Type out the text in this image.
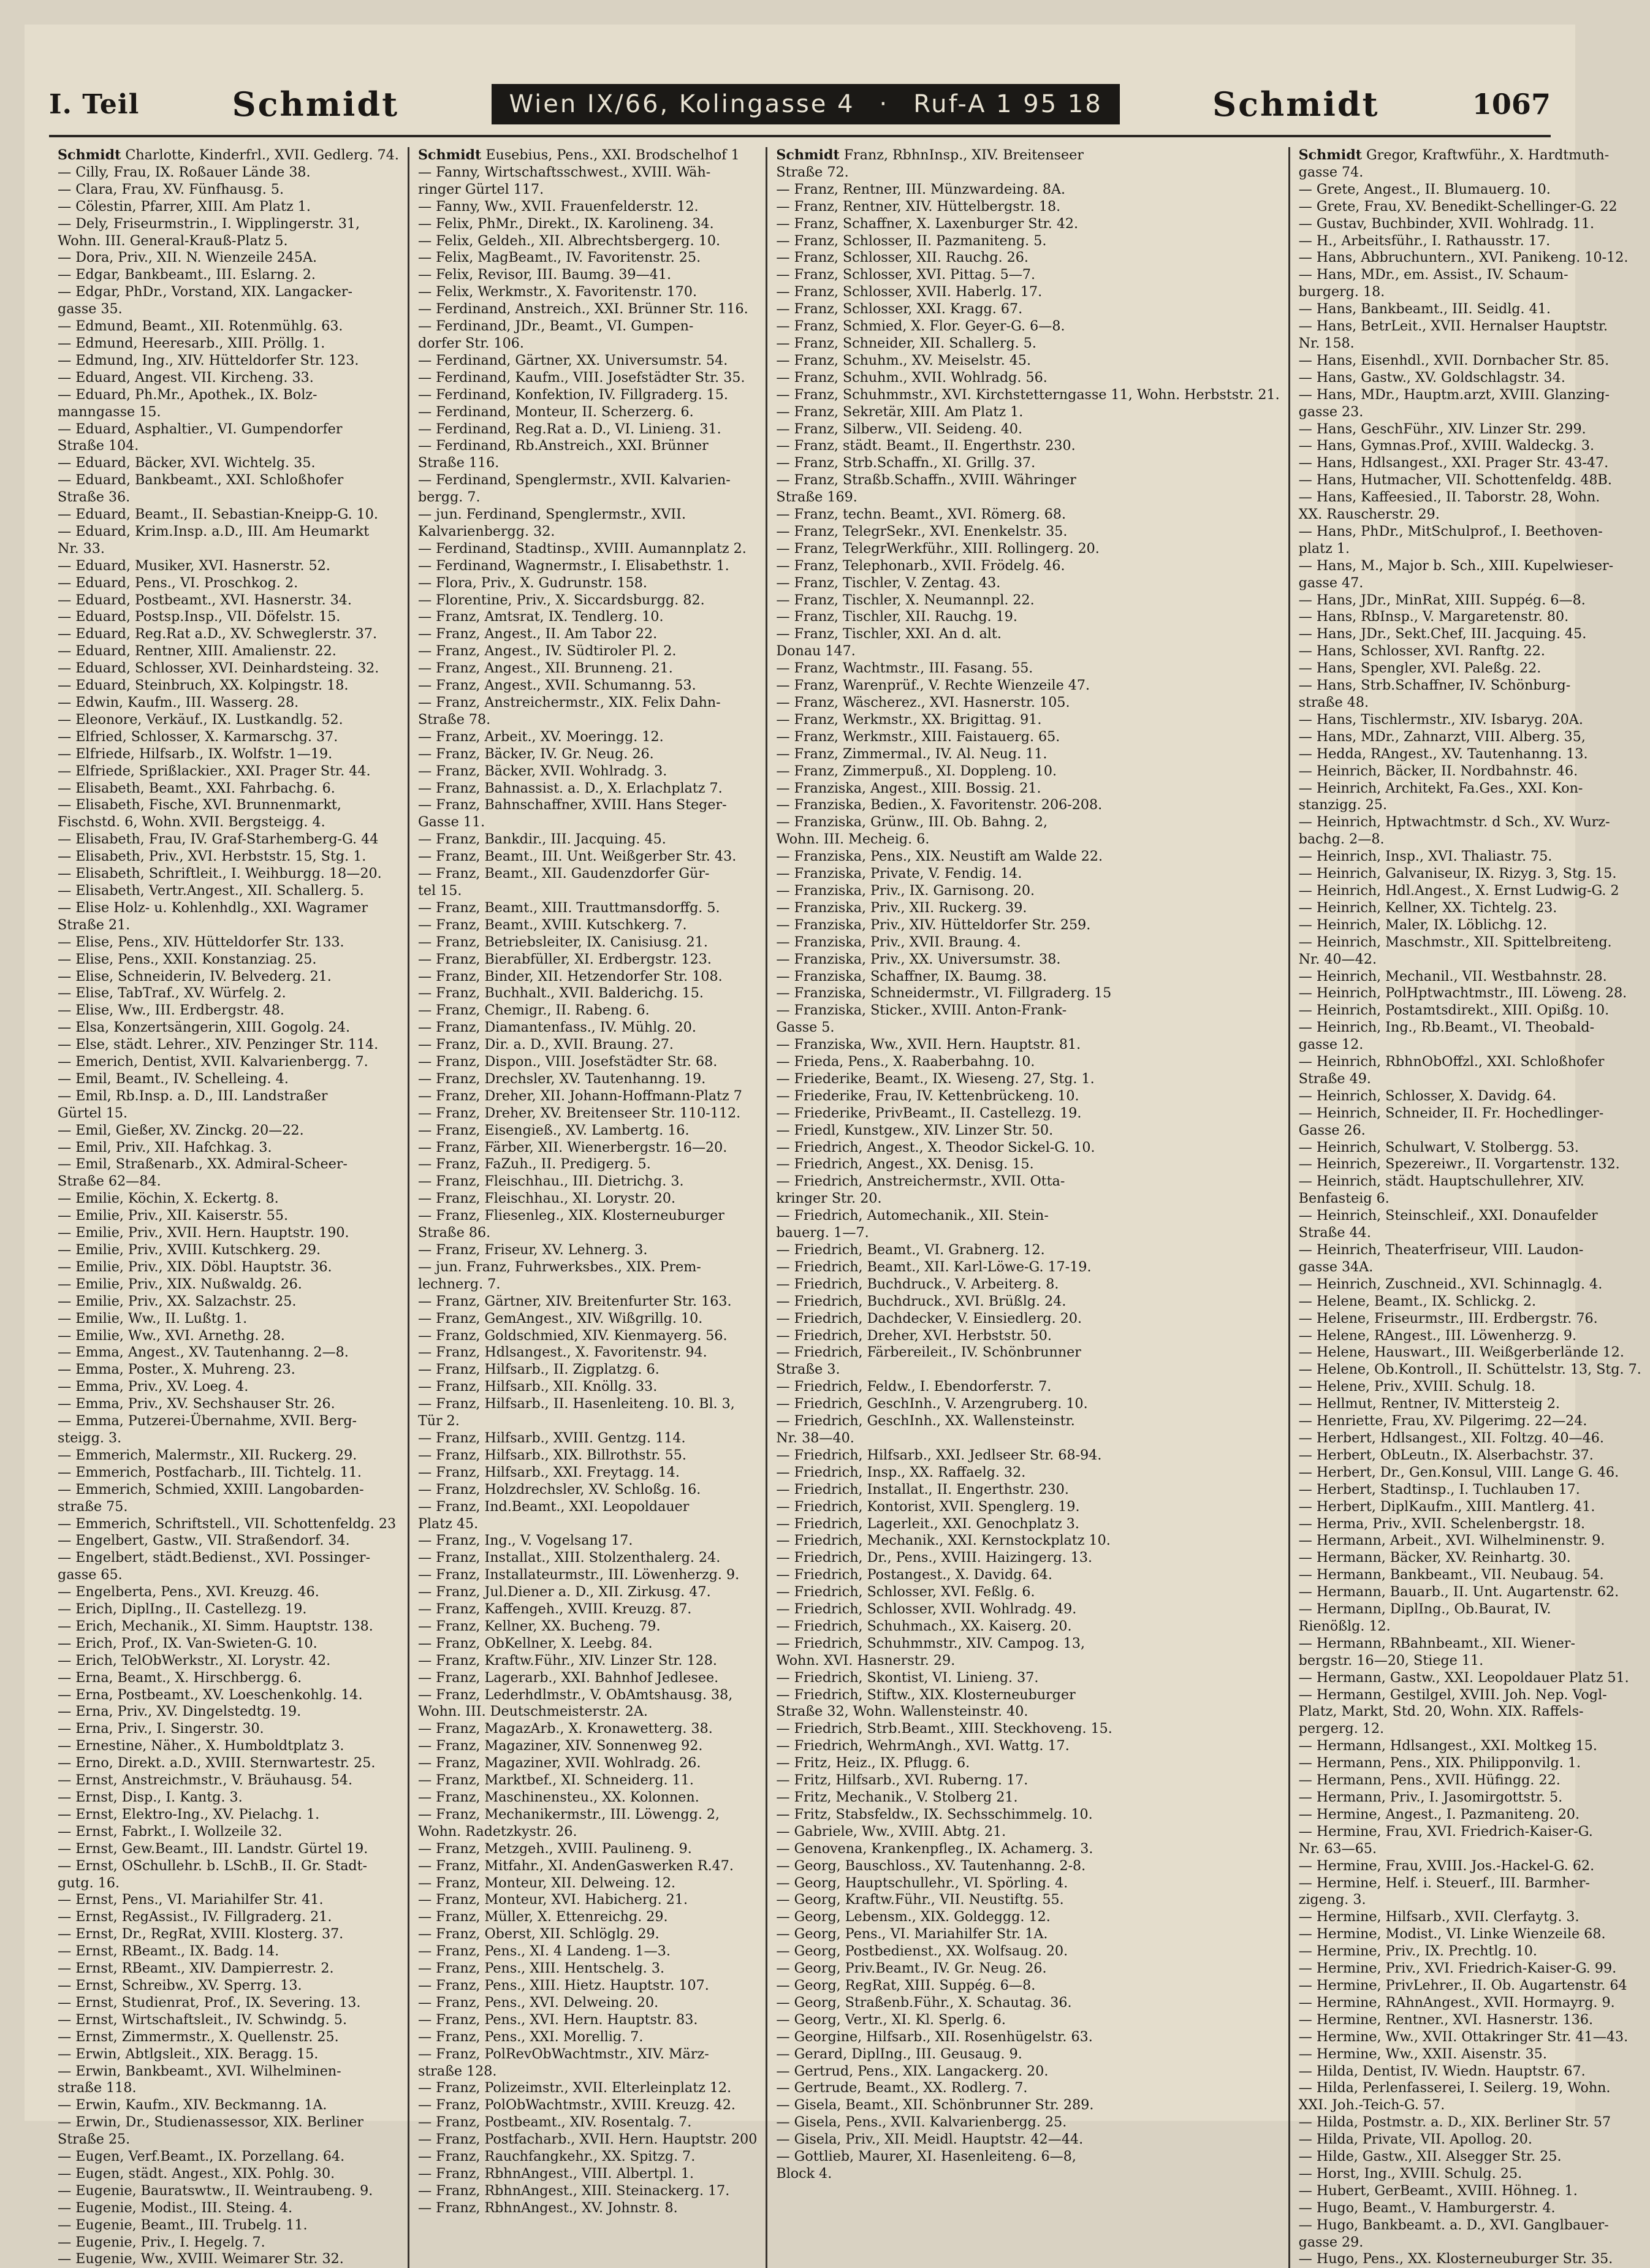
I. Teil	Schmidt	Wien IX/66, Kolingasse 4 · Ruf-A 1 95 18	Schmidt	1067
Schmidt Charlotte, Kinderfrl., XVII. Gedlerg. 74.
— Cilly, Frau, IX. Roßauer Lände 38.
— Clara, Frau, XV. Fünfhausg. 5.
— Cölestin, Pfarrer, XIII. Am Platz 1.
— Dely, Friseurmstrin., I. Wipplingerstr. 31,
Wohn. III. General-Krauß-Platz 5.
— Dora, Priv., XII. N. Wienzeile 245A.
— Edgar, Bankbeamt., III. Eslarng. 2.
— Edgar, PhDr., Vorstand, XIX. Langacker-
gasse 35.
— Edmund, Beamt., XII. Rotenmühlg. 63.
— Edmund, Heeresarb., XIII. Pröllg. 1.
— Edmund, Ing., XIV. Hütteldorfer Str. 123.
— Eduard, Angest. VII. Kircheng. 33.
— Eduard, Ph.Mr., Apothek., IX. Bolz-
manngasse 15.
— Eduard, Asphaltier., VI. Gumpendorfer
Straße 104.
— Eduard, Bäcker, XVI. Wichtelg. 35.
— Eduard, Bankbeamt., XXI. Schloßhofer
Straße 36.
— Eduard, Beamt., II. Sebastian-Kneipp-G. 10.
— Eduard, Krim.Insp. a.D., III. Am Heumarkt
Nr. 33.
— Eduard, Musiker, XVI. Hasnerstr. 52.
— Eduard, Pens., VI. Proschkog. 2.
— Eduard, Postbeamt., XVI. Hasnerstr. 34.
— Eduard, Postsp.Insp., VII. Döfelstr. 15.
— Eduard, Reg.Rat a.D., XV. Schweglerstr. 37.
— Eduard, Rentner, XIII. Amalienstr. 22.
— Eduard, Schlosser, XVI. Deinhardsteing. 32.
— Eduard, Steinbruch, XX. Kolpingstr. 18.
— Edwin, Kaufm., III. Wasserg. 28.
— Eleonore, Verkäuf., IX. Lustkandlg. 52.
— Elfried, Schlosser, X. Karmarschg. 37.
— Elfriede, Hilfsarb., IX. Wolfstr. 1—19.
— Elfriede, Sprißlackier., XXI. Prager Str. 44.
— Elisabeth, Beamt., XXI. Fahrbachg. 6.
— Elisabeth, Fische, XVI. Brunnenmarkt,
Fischstd. 6, Wohn. XVII. Bergsteigg. 4.
— Elisabeth, Frau, IV. Graf-Starhemberg-G. 44
— Elisabeth, Priv., XVI. Herbststr. 15, Stg. 1.
— Elisabeth, Schriftleit., I. Weihburgg. 18—20.
— Elisabeth, Vertr.Angest., XII. Schallerg. 5.
— Elise Holz- u. Kohlenhdlg., XXI. Wagramer
Straße 21.
— Elise, Pens., XIV. Hütteldorfer Str. 133.
— Elise, Pens., XXII. Konstanziag. 25.
— Elise, Schneiderin, IV. Belvederg. 21.
— Elise, TabTraf., XV. Würfelg. 2.
— Elise, Ww., III. Erdbergstr. 48.
— Elsa, Konzertsängerin, XIII. Gogolg. 24.
— Else, städt. Lehrer., XIV. Penzinger Str. 114.
— Emerich, Dentist, XVII. Kalvarienbergg. 7.
— Emil, Beamt., IV. Schelleing. 4.
— Emil, Rb.Insp. a. D., III. Landstraßer
Gürtel 15.
— Emil, Gießer, XV. Zinckg. 20—22.
— Emil, Priv., XII. Hafchkag. 3.
— Emil, Straßenarb., XX. Admiral-Scheer-
Straße 62—84.
— Emilie, Köchin, X. Eckertg. 8.
— Emilie, Priv., XII. Kaiserstr. 55.
— Emilie, Priv., XVII. Hern. Hauptstr. 190.
— Emilie, Priv., XVIII. Kutschkerg. 29.
— Emilie, Priv., XIX. Döbl. Hauptstr. 36.
— Emilie, Priv., XIX. Nußwaldg. 26.
— Emilie, Priv., XX. Salzachstr. 25.
— Emilie, Ww., II. Lußtg. 1.
— Emilie, Ww., XVI. Arnethg. 28.
— Emma, Angest., XV. Tautenhanng. 2—8.
— Emma, Poster., X. Muhreng. 23.
— Emma, Priv., XV. Loeg. 4.
— Emma, Priv., XV. Sechshauser Str. 26.
— Emma, Putzerei-Übernahme, XVII. Berg-
steigg. 3.
— Emmerich, Malermstr., XII. Ruckerg. 29.
— Emmerich, Postfacharb., III. Tichtelg. 11.
— Emmerich, Schmied, XXIII. Langobarden-
straße 75.
— Emmerich, Schriftstell., VII. Schottenfeldg. 23
— Engelbert, Gastw., VII. Straßendorf. 34.
— Engelbert, städt.Bedienst., XVI. Possinger-
gasse 65.
— Engelberta, Pens., XVI. Kreuzg. 46.
— Erich, DiplIng., II. Castellezg. 19.
— Erich, Mechanik., XI. Simm. Hauptstr. 138.
— Erich, Prof., IX. Van-Swieten-G. 10.
— Erich, TelObWerkstr., XI. Lorystr. 42.
— Erna, Beamt., X. Hirschbergg. 6.
— Erna, Postbeamt., XV. Loeschenkohlg. 14.
— Erna, Priv., XV. Dingelstedtg. 19.
— Erna, Priv., I. Singerstr. 30.
— Ernestine, Näher., X. Humboldtplatz 3.
— Erno, Direkt. a.D., XVIII. Sternwartestr. 25.
— Ernst, Anstreichmstr., V. Bräuhausg. 54.
— Ernst, Disp., I. Kantg. 3.
— Ernst, Elektro-Ing., XV. Pielachg. 1.
— Ernst, Fabrkt., I. Wollzeile 32.
— Ernst, Gew.Beamt., III. Landstr. Gürtel 19.
— Ernst, OSchullehr. b. LSchB., II. Gr. Stadt-
gutg. 16.
— Ernst, Pens., VI. Mariahilfer Str. 41.
— Ernst, RegAssist., IV. Fillgraderg. 21.
— Ernst, Dr., RegRat, XVIII. Klosterg. 37.
— Ernst, RBeamt., IX. Badg. 14.
— Ernst, RBeamt., XIV. Dampierrestr. 2.
— Ernst, Schreibw., XV. Sperrg. 13.
— Ernst, Studienrat, Prof., IX. Severing. 13.
— Ernst, Wirtschaftsleit., IV. Schwindg. 5.
— Ernst, Zimmermstr., X. Quellenstr. 25.
— Erwin, Abtlgsleit., XIX. Beragg. 15.
— Erwin, Bankbeamt., XVI. Wilhelminen-
straße 118.
— Erwin, Kaufm., XIV. Beckmanng. 1A.
— Erwin, Dr., Studienassessor, XIX. Berliner
Straße 25.
— Eugen, Verf.Beamt., IX. Porzellang. 64.
— Eugen, städt. Angest., XIX. Pohlg. 30.
— Eugenie, Bauratswtw., II. Weintraubeng. 9.
— Eugenie, Modist., III. Steing. 4.
— Eugenie, Beamt., III. Trubelg. 11.
— Eugenie, Priv., I. Hegelg. 7.
— Eugenie, Ww., XVIII. Weimarer Str. 32.
Schmidt Eusebius, Pens., XXI. Brodschelhof 1
— Fanny, Wirtschaftsschwest., XVIII. Wäh-
ringer Gürtel 117.
— Fanny, Ww., XVII. Frauenfelderstr. 12.
— Felix, PhMr., Direkt., IX. Karolineng. 34.
— Felix, Geldeh., XII. Albrechtsbergerg. 10.
— Felix, MagBeamt., IV. Favoritenstr. 25.
— Felix, Revisor, III. Baumg. 39—41.
— Felix, Werkmstr., X. Favoritenstr. 170.
— Ferdinand, Anstreich., XXI. Brünner Str. 116.
— Ferdinand, JDr., Beamt., VI. Gumpen-
dorfer Str. 106.
— Ferdinand, Gärtner, XX. Universumstr. 54.
— Ferdinand, Kaufm., VIII. Josefstädter Str. 35.
— Ferdinand, Konfektion, IV. Fillgraderg. 15.
— Ferdinand, Monteur, II. Scherzerg. 6.
— Ferdinand, Reg.Rat a. D., VI. Linieng. 31.
— Ferdinand, Rb.Anstreich., XXI. Brünner
Straße 116.
— Ferdinand, Spenglermstr., XVII. Kalvarien-
bergg. 7.
— jun. Ferdinand, Spenglermstr., XVII.
Kalvarienbergg. 32.
— Ferdinand, Stadtinsp., XVIII. Aumannplatz 2.
— Ferdinand, Wagnermstr., I. Elisabethstr. 1.
— Flora, Priv., X. Gudrunstr. 158.
— Florentine, Priv., X. Siccardsburgg. 82.
— Franz, Amtsrat, IX. Tendlerg. 10.
— Franz, Angest., II. Am Tabor 22.
— Franz, Angest., IV. Südtiroler Pl. 2.
— Franz, Angest., XII. Brunneng. 21.
— Franz, Angest., XVII. Schumanng. 53.
— Franz, Anstreichermstr., XIX. Felix Dahn-
Straße 78.
— Franz, Arbeit., XV. Moeringg. 12.
— Franz, Bäcker, IV. Gr. Neug. 26.
— Franz, Bäcker, XVII. Wohlradg. 3.
— Franz, Bahnassist. a. D., X. Erlachplatz 7.
— Franz, Bahnschaffner, XVIII. Hans Steger-
Gasse 11.
— Franz, Bankdir., III. Jacquing. 45.
— Franz, Beamt., III. Unt. Weißgerber Str. 43.
— Franz, Beamt., XII. Gaudenzdorfer Gür-
tel 15.
— Franz, Beamt., XIII. Trauttmansdorffg. 5.
— Franz, Beamt., XVIII. Kutschkerg. 7.
— Franz, Betriebsleiter, IX. Canisiusg. 21.
— Franz, Bierabfüller, XI. Erdbergstr. 123.
— Franz, Binder, XII. Hetzendorfer Str. 108.
— Franz, Buchhalt., XVII. Balderichg. 15.
— Franz, Chemigr., II. Rabeng. 6.
— Franz, Diamantenfass., IV. Mühlg. 20.
— Franz, Dir. a. D., XVII. Braung. 27.
— Franz, Dispon., VIII. Josefstädter Str. 68.
— Franz, Drechsler, XV. Tautenhanng. 19.
— Franz, Dreher, XII. Johann-Hoffmann-Platz 7
— Franz, Dreher, XV. Breitenseer Str. 110-112.
— Franz, Eisengieß., XV. Lambertg. 16.
— Franz, Färber, XII. Wienerbergstr. 16—20.
— Franz, FaZuh., II. Predigerg. 5.
— Franz, Fleischhau., III. Dietrichg. 3.
— Franz, Fleischhau., XI. Lorystr. 20.
— Franz, Fliesenleg., XIX. Klosterneuburger
Straße 86.
— Franz, Friseur, XV. Lehnerg. 3.
— jun. Franz, Fuhrwerksbes., XIX. Prem-
lechnerg. 7.
— Franz, Gärtner, XIV. Breitenfurter Str. 163.
— Franz, GemAngest., XIV. Wißgrillg. 10.
— Franz, Goldschmied, XIV. Kienmayerg. 56.
— Franz, Hdlsangest., X. Favoritenstr. 94.
— Franz, Hilfsarb., II. Zigplatzg. 6.
— Franz, Hilfsarb., XII. Knöllg. 33.
— Franz, Hilfsarb., II. Hasenleiteng. 10. Bl. 3,
Tür 2.
— Franz, Hilfsarb., XVIII. Gentzg. 114.
— Franz, Hilfsarb., XIX. Billrothstr. 55.
— Franz, Hilfsarb., XXI. Freytagg. 14.
— Franz, Holzdrechsler, XV. Schloßg. 16.
— Franz, Ind.Beamt., XXI. Leopoldauer
Platz 45.
— Franz, Ing., V. Vogelsang 17.
— Franz, Installat., XIII. Stolzenthalerg. 24.
— Franz, Installateurmstr., III. Löwenherzg. 9.
— Franz, Jul.Diener a. D., XII. Zirkusg. 47.
— Franz, Kaffengeh., XVIII. Kreuzg. 87.
— Franz, Kellner, XX. Bucheng. 79.
— Franz, ObKellner, X. Leebg. 84.
— Franz, Kraftw.Führ., XIV. Linzer Str. 128.
— Franz, Lagerarb., XXI. Bahnhof Jedlesee.
— Franz, Lederhdlmstr., V. ObAmtshausg. 38,
Wohn. III. Deutschmeisterstr. 2A.
— Franz, MagazArb., X. Kronawetterg. 38.
— Franz, Magaziner, XIV. Sonnenweg 92.
— Franz, Magaziner, XVII. Wohlradg. 26.
— Franz, Marktbef., XI. Schneiderg. 11.
— Franz, Maschinensteu., XX. Kolonnen.
— Franz, Mechanikermstr., III. Löwengg. 2,
Wohn. Radetzkystr. 26.
— Franz, Metzgeh., XVIII. Paulineng. 9.
— Franz, Mitfahr., XI. AndenGaswerken R.47.
— Franz, Monteur, XII. Delweing. 12.
— Franz, Monteur, XVI. Habicherg. 21.
— Franz, Müller, X. Ettenreichg. 29.
— Franz, Oberst, XII. Schlöglg. 29.
— Franz, Pens., XI. 4 Landeng. 1—3.
— Franz, Pens., XIII. Hentschelg. 3.
— Franz, Pens., XIII. Hietz. Hauptstr. 107.
— Franz, Pens., XVI. Delweing. 20.
— Franz, Pens., XVI. Hern. Hauptstr. 83.
— Franz, Pens., XXI. Morellig. 7.
— Franz, PolRevObWachtmstr., XIV. März-
straße 128.
— Franz, Polizeimstr., XVII. Elterleinplatz 12.
— Franz, PolObWachtmstr., XVIII. Kreuzg. 42.
— Franz, Postbeamt., XIV. Rosentalg. 7.
— Franz, Postfacharb., XVII. Hern. Hauptstr. 200
— Franz, Rauchfangkehr., XX. Spitzg. 7.
— Franz, RbhnAngest., VIII. Albertpl. 1.
— Franz, RbhnAngest., XIII. Steinackerg. 17.
— Franz, RbhnAngest., XV. Johnstr. 8.
Schmidt Franz, RbhnInsp., XIV. Breitenseer
Straße 72.
— Franz, Rentner, III. Münzwardeing. 8A.
— Franz, Rentner, XIV. Hüttelbergstr. 18.
— Franz, Schaffner, X. Laxenburger Str. 42.
— Franz, Schlosser, II. Pazmaniteng. 5.
— Franz, Schlosser, XII. Rauchg. 26.
— Franz, Schlosser, XVI. Pittag. 5—7.
— Franz, Schlosser, XVII. Haberlg. 17.
— Franz, Schlosser, XXI. Kragg. 67.
— Franz, Schmied, X. Flor. Geyer-G. 6—8.
— Franz, Schneider, XII. Schallerg. 5.
— Franz, Schuhm., XV. Meiselstr. 45.
— Franz, Schuhm., XVII. Wohlradg. 56.
— Franz, Schuhmmstr., XVI. Kirchstetterngasse 11, Wohn. Herbststr. 21.
— Franz, Sekretär, XIII. Am Platz 1.
— Franz, Silberw., VII. Seideng. 40.
— Franz, städt. Beamt., II. Engerthstr. 230.
— Franz, Strb.Schaffn., XI. Grillg. 37.
— Franz, Straßb.Schaffn., XVIII. Währinger
Straße 169.
— Franz, techn. Beamt., XVI. Römerg. 68.
— Franz, TelegrSekr., XVI. Enenkelstr. 35.
— Franz, TelegrWerkführ., XIII. Rollingerg. 20.
— Franz, Telephonarb., XVII. Frödelg. 46.
— Franz, Tischler, V. Zentag. 43.
— Franz, Tischler, X. Neumannpl. 22.
— Franz, Tischler, XII. Rauchg. 19.
— Franz, Tischler, XXI. An d. alt.
Donau 147.
— Franz, Wachtmstr., III. Fasang. 55.
— Franz, Warenprüf., V. Rechte Wienzeile 47.
— Franz, Wäscherez., XVI. Hasnerstr. 105.
— Franz, Werkmstr., XX. Brigittag. 91.
— Franz, Werkmstr., XIII. Faistauerg. 65.
— Franz, Zimmermal., IV. Al. Neug. 11.
— Franz, Zimmerpuß., XI. Doppleng. 10.
— Franziska, Angest., XIII. Bossig. 21.
— Franziska, Bedien., X. Favoritenstr. 206-208.
— Franziska, Grünw., III. Ob. Bahng. 2,
Wohn. III. Mecheig. 6.
— Franziska, Pens., XIX. Neustift am Walde 22.
— Franziska, Private, V. Fendig. 14.
— Franziska, Priv., IX. Garnisong. 20.
— Franziska, Priv., XII. Ruckerg. 39.
— Franziska, Priv., XIV. Hütteldorfer Str. 259.
— Franziska, Priv., XVII. Braung. 4.
— Franziska, Priv., XX. Universumstr. 38.
— Franziska, Schaffner, IX. Baumg. 38.
— Franziska, Schneidermstr., VI. Fillgraderg. 15
— Franziska, Sticker., XVIII. Anton-Frank-
Gasse 5.
— Franziska, Ww., XVII. Hern. Hauptstr. 81.
— Frieda, Pens., X. Raaberbahng. 10.
— Friederike, Beamt., IX. Wieseng. 27, Stg. 1.
— Friederike, Frau, IV. Kettenbrückeng. 10.
— Friederike, PrivBeamt., II. Castellezg. 19.
— Friedl, Kunstgew., XIV. Linzer Str. 50.
— Friedrich, Angest., X. Theodor Sickel-G. 10.
— Friedrich, Angest., XX. Denisg. 15.
— Friedrich, Anstreichermstr., XVII. Otta-
kringer Str. 20.
— Friedrich, Automechanik., XII. Stein-
bauerg. 1—7.
— Friedrich, Beamt., VI. Grabnerg. 12.
— Friedrich, Beamt., XII. Karl-Löwe-G. 17-19.
— Friedrich, Buchdruck., V. Arbeiterg. 8.
— Friedrich, Buchdruck., XVI. Brüßlg. 24.
— Friedrich, Dachdecker, V. Einsiedlerg. 20.
— Friedrich, Dreher, XVI. Herbststr. 50.
— Friedrich, Färbereileit., IV. Schönbrunner
Straße 3.
— Friedrich, Feldw., I. Ebendorferstr. 7.
— Friedrich, GeschInh., V. Arzengruberg. 10.
— Friedrich, GeschInh., XX. Wallensteinstr.
Nr. 38—40.
— Friedrich, Hilfsarb., XXI. Jedlseer Str. 68-94.
— Friedrich, Insp., XX. Raffaelg. 32.
— Friedrich, Installat., II. Engerthstr. 230.
— Friedrich, Kontorist, XVII. Spenglerg. 19.
— Friedrich, Lagerleit., XXI. Genochplatz 3.
— Friedrich, Mechanik., XXI. Kernstockplatz 10.
— Friedrich, Dr., Pens., XVIII. Haizingerg. 13.
— Friedrich, Postangest., X. Davidg. 64.
— Friedrich, Schlosser, XVI. Feßlg. 6.
— Friedrich, Schlosser, XVII. Wohlradg. 49.
— Friedrich, Schuhmach., XX. Kaiserg. 20.
— Friedrich, Schuhmmstr., XIV. Campog. 13,
Wohn. XVI. Hasnerstr. 29.
— Friedrich, Skontist, VI. Linieng. 37.
— Friedrich, Stiftw., XIX. Klosterneuburger
Straße 32, Wohn. Wallensteinstr. 40.
— Friedrich, Strb.Beamt., XIII. Steckhoveng. 15.
— Friedrich, WehrmAngh., XVI. Wattg. 17.
— Fritz, Heiz., IX. Pflugg. 6.
— Fritz, Hilfsarb., XVI. Ruberng. 17.
— Fritz, Mechanik., V. Stolberg 21.
— Fritz, Stabsfeldw., IX. Sechsschimmelg. 10.
— Gabriele, Ww., XVIII. Abtg. 21.
— Genovena, Krankenpfleg., IX. Achamerg. 3.
— Georg, Bauschloss., XV. Tautenhanng. 2-8.
— Georg, Hauptschullehr., VI. Spörling. 4.
— Georg, Kraftw.Führ., VII. Neustiftg. 55.
— Georg, Lebensm., XIX. Goldeggg. 12.
— Georg, Pens., VI. Mariahilfer Str. 1A.
— Georg, Postbedienst., XX. Wolfsaug. 20.
— Georg, Priv.Beamt., IV. Gr. Neug. 26.
— Georg, RegRat, XIII. Suppég. 6—8.
— Georg, Straßenb.Führ., X. Schautag. 36.
— Georg, Vertr., XI. Kl. Sperlg. 6.
— Georgine, Hilfsarb., XII. Rosenhügelstr. 63.
— Gerard, DiplIng., III. Geusaug. 9.
— Gertrud, Pens., XIX. Langackerg. 20.
— Gertrude, Beamt., XX. Rodlerg. 7.
— Gisela, Beamt., XII. Schönbrunner Str. 289.
— Gisela, Pens., XVII. Kalvarienbergg. 25.
— Gisela, Priv., XII. Meidl. Hauptstr. 42—44.
— Gottlieb, Maurer, XI. Hasenleiteng. 6—8,
Block 4.
Schmidt Gregor, Kraftwführ., X. Hardtmuth-
gasse 74.
— Grete, Angest., II. Blumauerg. 10.
— Grete, Frau, XV. Benedikt-Schellinger-G. 22
— Gustav, Buchbinder, XVII. Wohlradg. 11.
— H., Arbeitsführ., I. Rathausstr. 17.
— Hans, Abbruchuntern., XVI. Panikeng. 10-12.
— Hans, MDr., em. Assist., IV. Schaum-
burgerg. 18.
— Hans, Bankbeamt., III. Seidlg. 41.
— Hans, BetrLeit., XVII. Hernalser Hauptstr.
Nr. 158.
— Hans, Eisenhdl., XVII. Dornbacher Str. 85.
— Hans, Gastw., XV. Goldschlagstr. 34.
— Hans, MDr., Hauptm.arzt, XVIII. Glanzing-
gasse 23.
— Hans, GeschFühr., XIV. Linzer Str. 299.
— Hans, Gymnas.Prof., XVIII. Waldeckg. 3.
— Hans, Hdlsangest., XXI. Prager Str. 43-47.
— Hans, Hutmacher, VII. Schottenfeldg. 48B.
— Hans, Kaffeesied., II. Taborstr. 28, Wohn.
XX. Rauscherstr. 29.
— Hans, PhDr., MitSchulprof., I. Beethoven-
platz 1.
— Hans, M., Major b. Sch., XIII. Kupelwieser-
gasse 47.
— Hans, JDr., MinRat, XIII. Suppég. 6—8.
— Hans, RbInsp., V. Margaretenstr. 80.
— Hans, JDr., Sekt.Chef, III. Jacquing. 45.
— Hans, Schlosser, XVI. Ranftg. 22.
— Hans, Spengler, XVI. Paleßg. 22.
— Hans, Strb.Schaffner, IV. Schönburg-
straße 48.
— Hans, Tischlermstr., XIV. Isbaryg. 20A.
— Hans, MDr., Zahnarzt, VIII. Alberg. 35,
— Hedda, RAngest., XV. Tautenhanng. 13.
— Heinrich, Bäcker, II. Nordbahnstr. 46.
— Heinrich, Architekt, Fa.Ges., XXI. Kon-
stanzigg. 25.
— Heinrich, Hptwachtmstr. d Sch., XV. Wurz-
bachg. 2—8.
— Heinrich, Insp., XVI. Thaliastr. 75.
— Heinrich, Galvaniseur, IX. Rizyg. 3, Stg. 15.
— Heinrich, Hdl.Angest., X. Ernst Ludwig-G. 2
— Heinrich, Kellner, XX. Tichtelg. 23.
— Heinrich, Maler, IX. Löblichg. 12.
— Heinrich, Maschmstr., XII. Spittelbreiteng.
Nr. 40—42.
— Heinrich, Mechanil., VII. Westbahnstr. 28.
— Heinrich, PolHptwachtmstr., III. Löweng. 28.
— Heinrich, Postamtsdirekt., XIII. Opißg. 10.
— Heinrich, Ing., Rb.Beamt., VI. Theobald-
gasse 12.
— Heinrich, RbhnObOffzl., XXI. Schloßhofer
Straße 49.
— Heinrich, Schlosser, X. Davidg. 64.
— Heinrich, Schneider, II. Fr. Hochedlinger-
Gasse 26.
— Heinrich, Schulwart, V. Stolbergg. 53.
— Heinrich, Spezereiwr., II. Vorgartenstr. 132.
— Heinrich, städt. Hauptschullehrer, XIV.
Benfasteig 6.
— Heinrich, Steinschleif., XXI. Donaufelder
Straße 44.
— Heinrich, Theaterfriseur, VIII. Laudon-
gasse 34A.
— Heinrich, Zuschneid., XVI. Schinnaglg. 4.
— Helene, Beamt., IX. Schlickg. 2.
— Helene, Friseurmstr., III. Erdbergstr. 76.
— Helene, RAngest., III. Löwenherzg. 9.
— Helene, Hauswart., III. Weißgerberlände 12.
— Helene, Ob.Kontroll., II. Schüttelstr. 13, Stg. 7.
— Helene, Priv., XVIII. Schulg. 18.
— Hellmut, Rentner, IV. Mittersteig 2.
— Henriette, Frau, XV. Pilgerimg. 22—24.
— Herbert, Hdlsangest., XII. Foltzg. 40—46.
— Herbert, ObLeutn., IX. Alserbachstr. 37.
— Herbert, Dr., Gen.Konsul, VIII. Lange G. 46.
— Herbert, Stadtinsp., I. Tuchlauben 17.
— Herbert, DiplKaufm., XIII. Mantlerg. 41.
— Herma, Priv., XVII. Schelenbergstr. 18.
— Hermann, Arbeit., XVI. Wilhelminenstr. 9.
— Hermann, Bäcker, XV. Reinhartg. 30.
— Hermann, Bankbeamt., VII. Neubaug. 54.
— Hermann, Bauarb., II. Unt. Augartenstr. 62.
— Hermann, DiplIng., Ob.Baurat, IV.
Rienößlg. 12.
— Hermann, RBahnbeamt., XII. Wiener-
bergstr. 16—20, Stiege 11.
— Hermann, Gastw., XXI. Leopoldauer Platz 51.
— Hermann, Gestilgel, XVIII. Joh. Nep. Vogl-
Platz, Markt, Std. 20, Wohn. XIX. Raffels-
pergerg. 12.
— Hermann, Hdlsangest., XXI. Moltkeg 15.
— Hermann, Pens., XIX. Philipponvilg. 1.
— Hermann, Pens., XVII. Hüfingg. 22.
— Hermann, Priv., I. Jasomirgottstr. 5.
— Hermine, Angest., I. Pazmaniteng. 20.
— Hermine, Frau, XVI. Friedrich-Kaiser-G.
Nr. 63—65.
— Hermine, Frau, XVIII. Jos.-Hackel-G. 62.
— Hermine, Helf. i. Steuerf., III. Barmher-
zigeng. 3.
— Hermine, Hilfsarb., XVII. Clerfaytg. 3.
— Hermine, Modist., VI. Linke Wienzeile 68.
— Hermine, Priv., IX. Prechtlg. 10.
— Hermine, Priv., XVI. Friedrich-Kaiser-G. 99.
— Hermine, PrivLehrer., II. Ob. Augartenstr. 64
— Hermine, RAhnAngest., XVII. Hormayrg. 9.
— Hermine, Rentner., XVI. Hasnerstr. 136.
— Hermine, Ww., XVII. Ottakringer Str. 41—43.
— Hermine, Ww., XXII. Aisenstr. 35.
— Hilda, Dentist, IV. Wiedn. Hauptstr. 67.
— Hilda, Perlenfasserei, I. Seilerg. 19, Wohn.
XXI. Joh.-Teich-G. 57.
— Hilda, Postmstr. a. D., XIX. Berliner Str. 57
— Hilda, Private, VII. Apollog. 20.
— Hilde, Gastw., XII. Alsegger Str. 25.
— Horst, Ing., XVIII. Schulg. 25.
— Hubert, GerBeamt., XVIII. Höhneg. 1.
— Hugo, Beamt., V. Hamburgerstr. 4.
— Hugo, Bankbeamt. a. D., XVI. Ganglbauer-
gasse 29.
— Hugo, Pens., XX. Klosterneuburger Str. 35.
